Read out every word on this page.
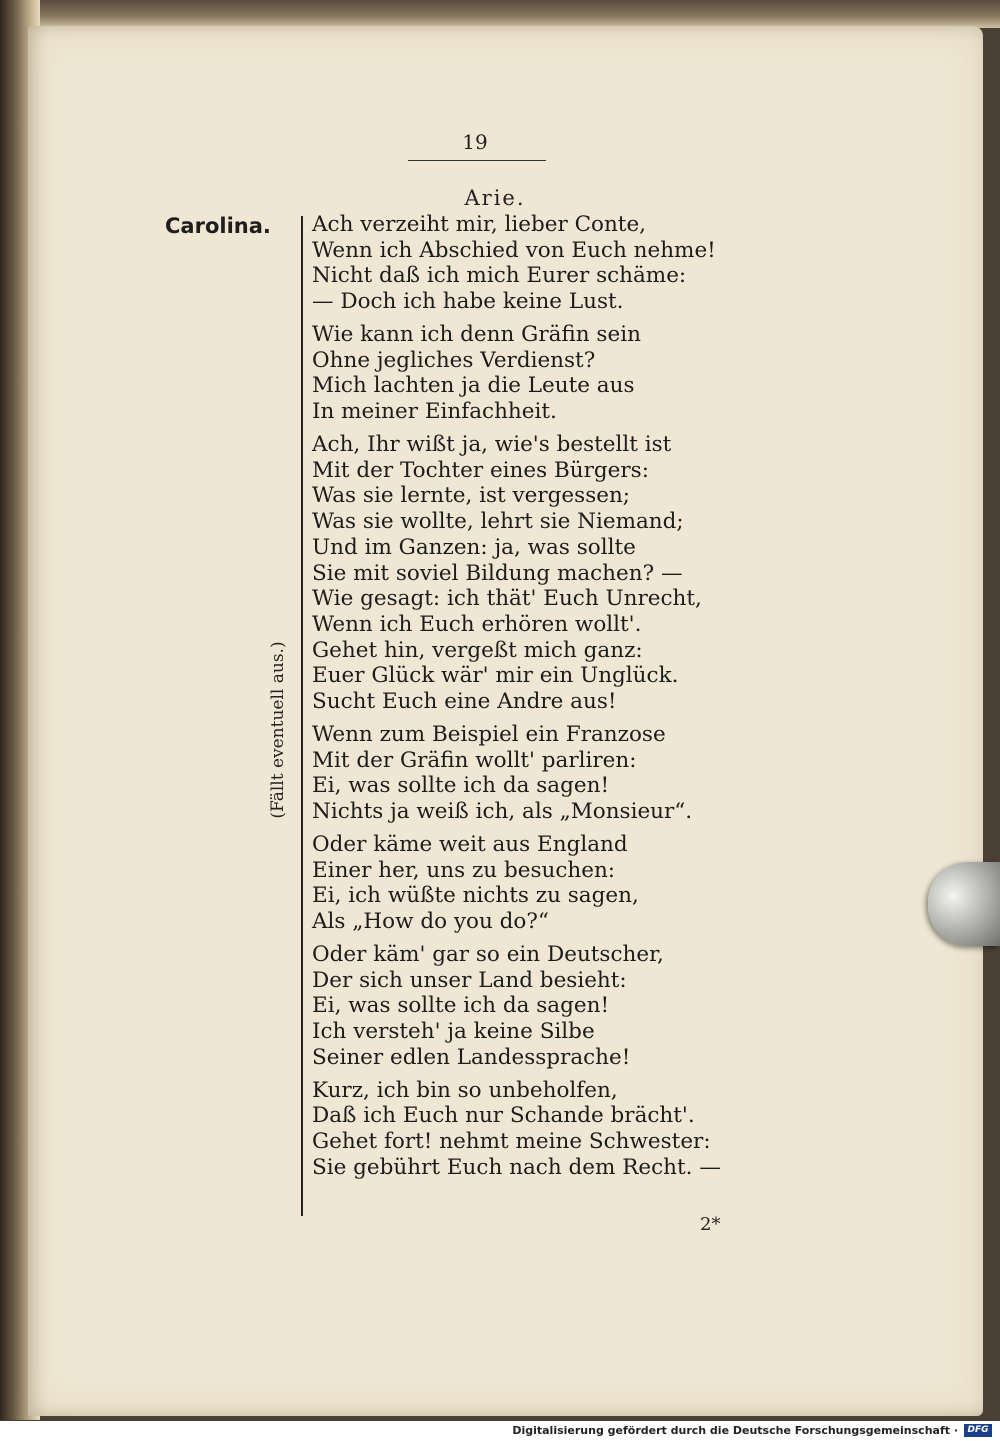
19
Arie.
Carolina.
(Fällt eventuell aus.)
Ach verzeiht mir, lieber Conte,
Wenn ich Abschied von Euch nehme!
Nicht daß ich mich Eurer schäme:
— Doch ich habe keine Lust.
Wie kann ich denn Gräfin sein
Ohne jegliches Verdienst?
Mich lachten ja die Leute aus
In meiner Einfachheit.
Ach, Ihr wißt ja, wie's bestellt ist
Mit der Tochter eines Bürgers:
Was sie lernte, ist vergessen;
Was sie wollte, lehrt sie Niemand;
Und im Ganzen: ja, was sollte
Sie mit soviel Bildung machen? —
Wie gesagt: ich thät' Euch Unrecht,
Wenn ich Euch erhören wollt'.
Gehet hin, vergeßt mich ganz:
Euer Glück wär' mir ein Unglück.
Sucht Euch eine Andre aus!
Wenn zum Beispiel ein Franzose
Mit der Gräfin wollt' parliren:
Ei, was sollte ich da sagen!
Nichts ja weiß ich, als „Monsieur“.
Oder käme weit aus England
Einer her, uns zu besuchen:
Ei, ich wüßte nichts zu sagen,
Als „How do you do?“
Oder käm' gar so ein Deutscher,
Der sich unser Land besieht:
Ei, was sollte ich da sagen!
Ich versteh' ja keine Silbe
Seiner edlen Landessprache!
Kurz, ich bin so unbeholfen,
Daß ich Euch nur Schande brächt'.
Gehet fort! nehmt meine Schwester:
Sie gebührt Euch nach dem Recht. —
2*
Digitalisierung gefördert durch die Deutsche Forschungsgemeinschaft ·	DFG
